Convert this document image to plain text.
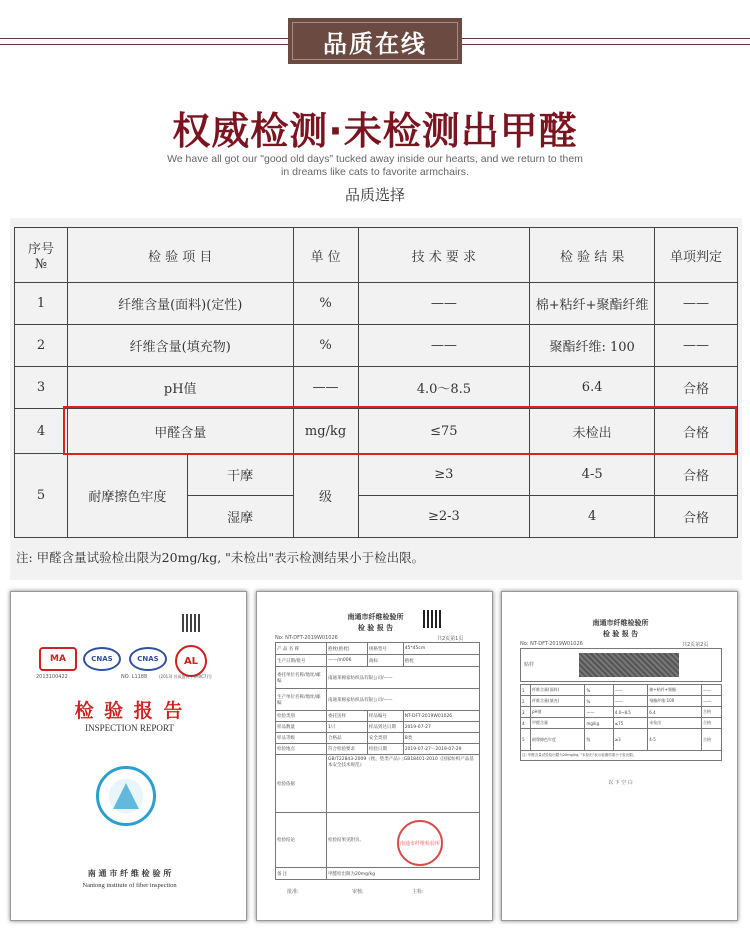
品质在线
权威检测·未检测出甲醛
We have all got our "good old days" tucked away inside our hearts, and we return to them
in dreams like cats to favorite armchairs.
品质选择
序号
№	检 验 项 目		单 位	技 术 要 求	检 验 结 果	单项判定
1	纤维含量(面料)(定性)		%	——	棉+粘纤+聚酯纤维	——
2	纤维含量(填充物)		%	——	聚酯纤维: 100	——
3	pH值		——	4.0～8.5	6.4	合格
4	甲醛含量		mg/kg	≤75	未检出	合格
5	耐摩擦色牢度	干摩	级	≥3	4-5	合格
		湿摩		≥2-3	4	合格

注: 甲醛含量试验检出限为20mg/kg, "未检出"表示检测结果小于检出限。
MA	CNAS	CNAS	AL
2013100422	NO. L1188	(2013) 苏质监验字(M0C7)号
检 验 报 告
INSPECTION REPORT
南 通 市 纤 维 检 验 所
Nantong institute of fiber inspection
南通市纤维检验所
检 验 报 告
No: NT-DFT-2019W01026	共2页第1页
产 品 名 称	抱枕(抱枕)	规格型号	45*45cm
生产日期/批号	——/m006	商标	抱枕
委托单位名称/地址/邮编	南通莱棉家纺织品有限公司/——		
生产单位名称/地址/邮编	南通莱棉家纺织品有限公司/——		
检验类别	委托送样	样品编号	NT-DFT-2019W01026
样品数量	1只	样品到达日期	2019-07-27
样品等级	合格品	安全类别	B类
检验地点	符合检验要求	检验日期	2019-07-27～2019-07-29
检验依据	GB/T22843-2009《枕、垫类产品》;GB18401-2010《国家纺织产品基本安全技术规范》		
检验结论	检验结果见附页。		
备 注	甲醛检出限为20mg/kg		
南通市纤维检验所
批准:	审核:	主检:
南通市纤维检验所
检 验 报 告
No: NT-DFT-2019W01026	共2页第2页
贴样
1	纤维含量(面料)	%	——	棉+粘纤+聚酯	——
2	纤维含量(填充)	%	——	聚酯纤维:100	——
3	pH值	——	4.0~8.5	6.4	合格
4	甲醛含量	mg/kg	≤75	未检出	合格
5	耐摩擦色牢度	级	≥3	4-5	合格
注: 甲醛含量试验检出限为20mg/kg, "未检出"表示检测结果小于检出限。					
以 下 空 白
